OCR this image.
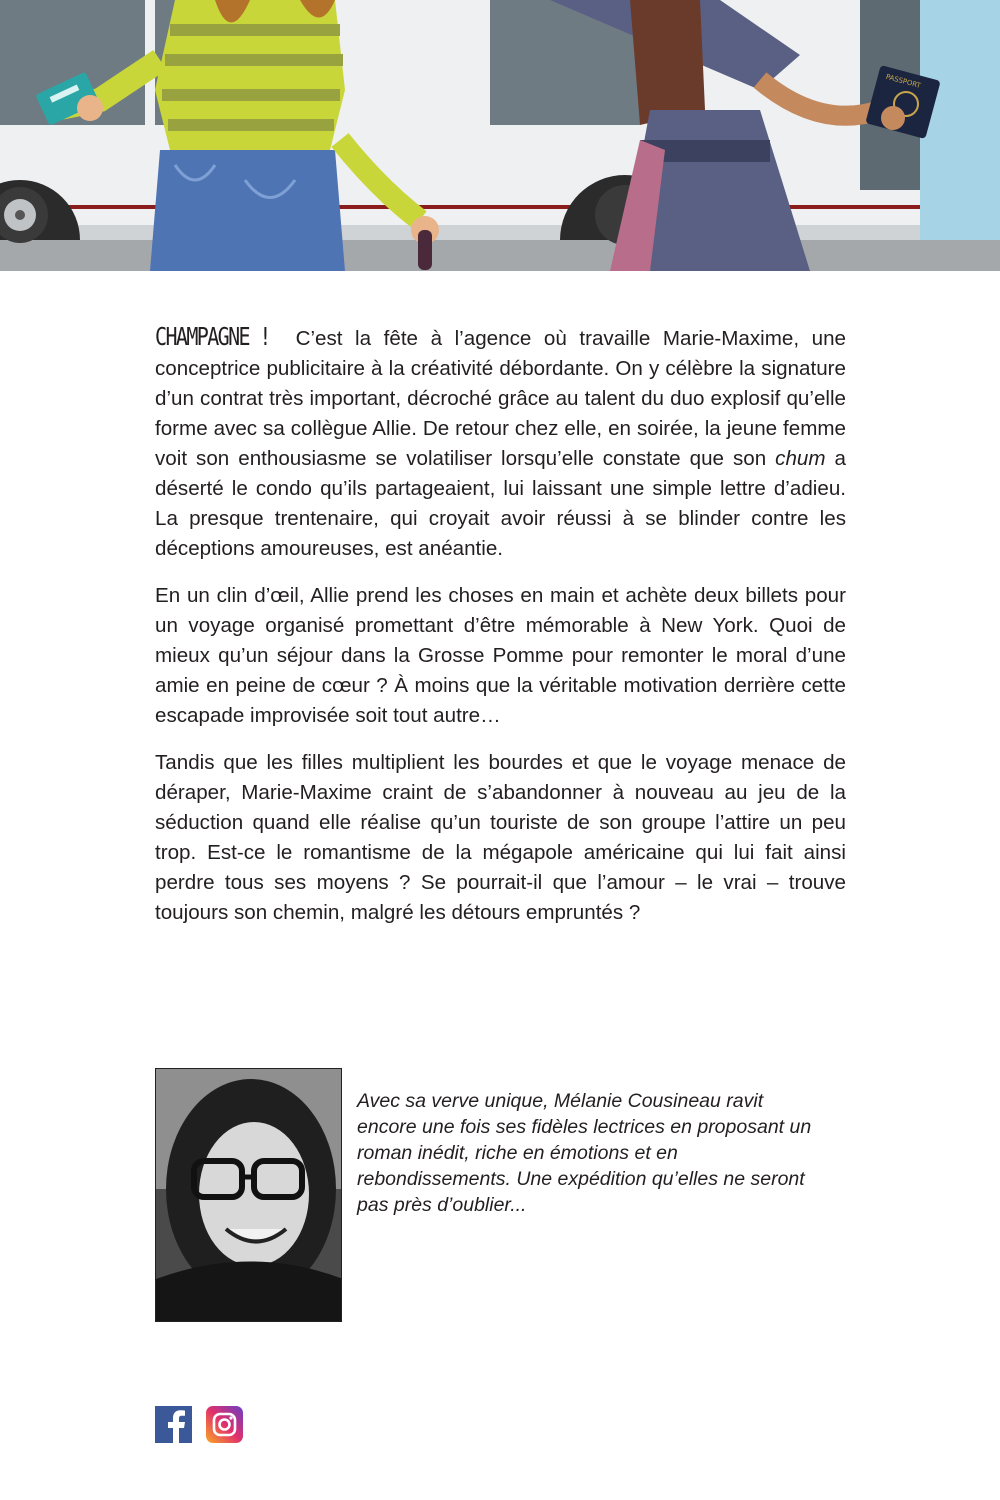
PASSPORT

CHAMPAGNE ! C’est la fête à l’agence où travaille Marie-Maxime, une conceptrice publicitaire à la créativité débordante. On y célèbre la signature d’un contrat très important, décroché grâce au talent du duo explosif qu’elle forme avec sa collègue Allie. De retour chez elle, en soirée, la jeune femme voit son enthousiasme se volatiliser lorsqu’elle constate que son chum a déserté le condo qu’ils partageaient, lui laissant une simple lettre d’adieu. La presque trentenaire, qui croyait avoir réussi à se blinder contre les déceptions amoureuses, est anéantie.

En un clin d’œil, Allie prend les choses en main et achète deux billets pour un voyage organisé promettant d’être mémorable à New York. Quoi de mieux qu’un séjour dans la Grosse Pomme pour remonter le moral d’une amie en peine de cœur ? À moins que la véritable motivation derrière cette escapade improvisée soit tout autre…

Tandis que les filles multiplient les bourdes et que le voyage menace de déraper, Marie-Maxime craint de s’abandonner à nouveau au jeu de la séduction quand elle réalise qu’un touriste de son groupe l’attire un peu trop. Est-ce le romantisme de la mégapole américaine qui lui fait ainsi perdre tous ses moyens ? Se pourrait-il que l’amour – le vrai – trouve toujours son chemin, malgré les détours empruntés ?

Avec sa verve unique, Mélanie Cousineau ravit encore une fois ses fidèles lectrices en proposant un roman inédit, riche en émotions et en rebondissements. Une expédition qu’elles ne seront pas près d’oublier...
